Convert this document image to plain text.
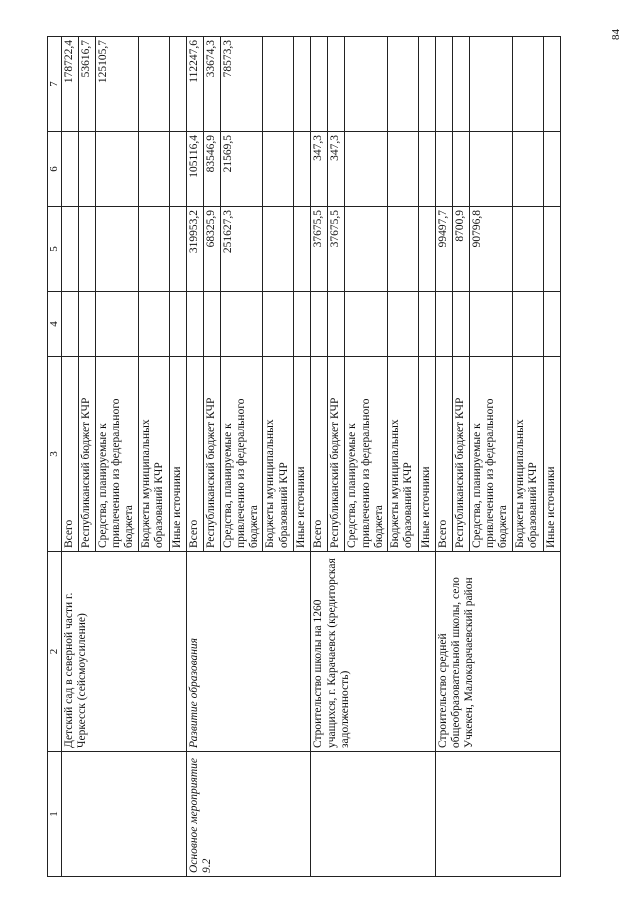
84
1	2	3	4	5	6	7
	Детский сад в северной части г. Черкесск (сейсмоусиление)	Всего				178722,4
		Республиканский бюджет КЧР				53616,7
		Средства, планируемые к привлечению из федерального бюджета				125105,7
		Бюджеты муниципальных образований КЧР				
		Иные источники				
Основное мероприятие 9.2	Развитие образования	Всего		319953,2	105116,4	112247,6
		Республиканский бюджет КЧР		68325,9	83546,9	33674,3
		Средства, планируемые к привлечению из федерального бюджета		251627,3	21569,5	78573,3
		Бюджеты муниципальных образований КЧР				
		Иные источники				
	Строительство школы на 1260 учащихся, г. Карачаевск (кредиторская задолженность)	Всего		37675,5	347,3	
		Республиканский бюджет КЧР		37675,5	347,3	
		Средства, планируемые к привлечению из федерального бюджета				
		Бюджеты муниципальных образований КЧР				
		Иные источники				
	Строительство средней общеобразовательной школы, село Учкекен, Малокарачаевский район	Всего		99497,7		
		Республиканский бюджет КЧР		8700,9		
		Средства, планируемые к привлечению из федерального бюджета		90796,8		
		Бюджеты муниципальных образований КЧР				
		Иные источники				
